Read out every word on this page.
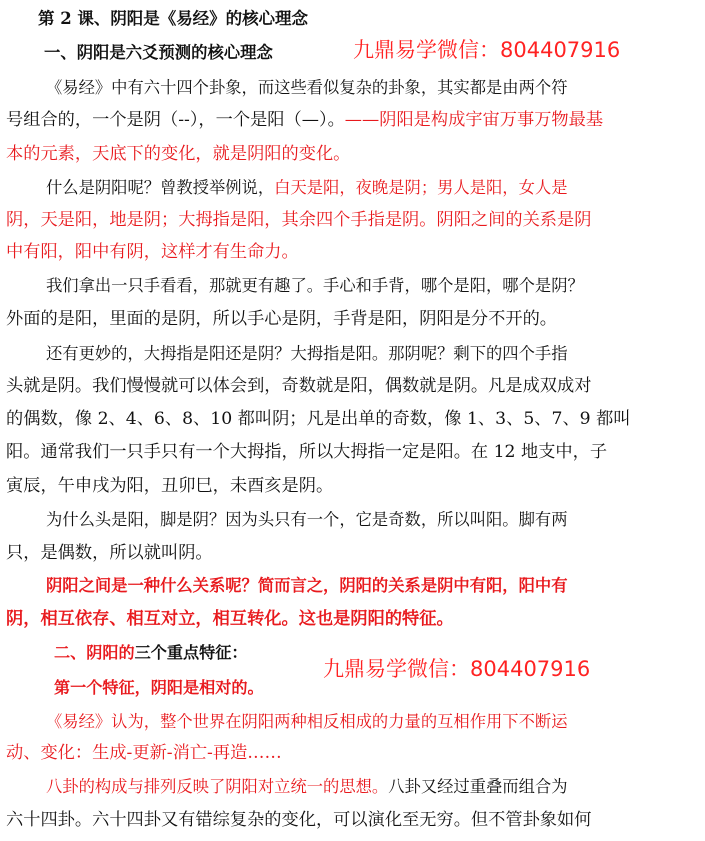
第 2 课、阴阳是《易经》的核心理念
一、阴阳是六爻预测的核心理念	九鼎易学微信：804407916
《易经》中有六十四个卦象，而这些看似复杂的卦象，其实都是由两个符
号组合的，一个是阴（--），一个是阳（—）。——阴阳是构成宇宙万事万物最基
本的元素，天底下的变化，就是阴阳的变化。
什么是阴阳呢？曾教授举例说，白天是阳，夜晚是阴；男人是阳，女人是
阴，天是阳，地是阴；大拇指是阳，其余四个手指是阴。阴阳之间的关系是阴
中有阳，阳中有阴，这样才有生命力。
我们拿出一只手看看，那就更有趣了。手心和手背，哪个是阳，哪个是阴？
外面的是阳，里面的是阴，所以手心是阴，手背是阳，阴阳是分不开的。
还有更妙的，大拇指是阳还是阴？大拇指是阳。那阴呢？剩下的四个手指
头就是阴。我们慢慢就可以体会到，奇数就是阳，偶数就是阴。凡是成双成对
的偶数，像 2、4、6、8、10 都叫阴；凡是出单的奇数，像 1、3、5、7、9 都叫
阳。通常我们一只手只有一个大拇指，所以大拇指一定是阳。在 12 地支中，子
寅辰，午申戌为阳，丑卯巳，未酉亥是阴。
为什么头是阳，脚是阴？因为头只有一个，它是奇数，所以叫阳。脚有两
只，是偶数，所以就叫阴。
阴阳之间是一种什么关系呢？简而言之，阴阳的关系是阴中有阳，阳中有
阴，相互依存、相互对立，相互转化。这也是阴阳的特征。
二、阴阳的三个重点特征：
九鼎易学微信：804407916
第一个特征，阴阳是相对的。
《易经》认为，整个世界在阴阳两种相反相成的力量的互相作用下不断运
动、变化：生成-更新-消亡-再造……
八卦的构成与排列反映了阴阳对立统一的思想。八卦又经过重叠而组合为
六十四卦。六十四卦又有错综复杂的变化，可以演化至无穷。但不管卦象如何
